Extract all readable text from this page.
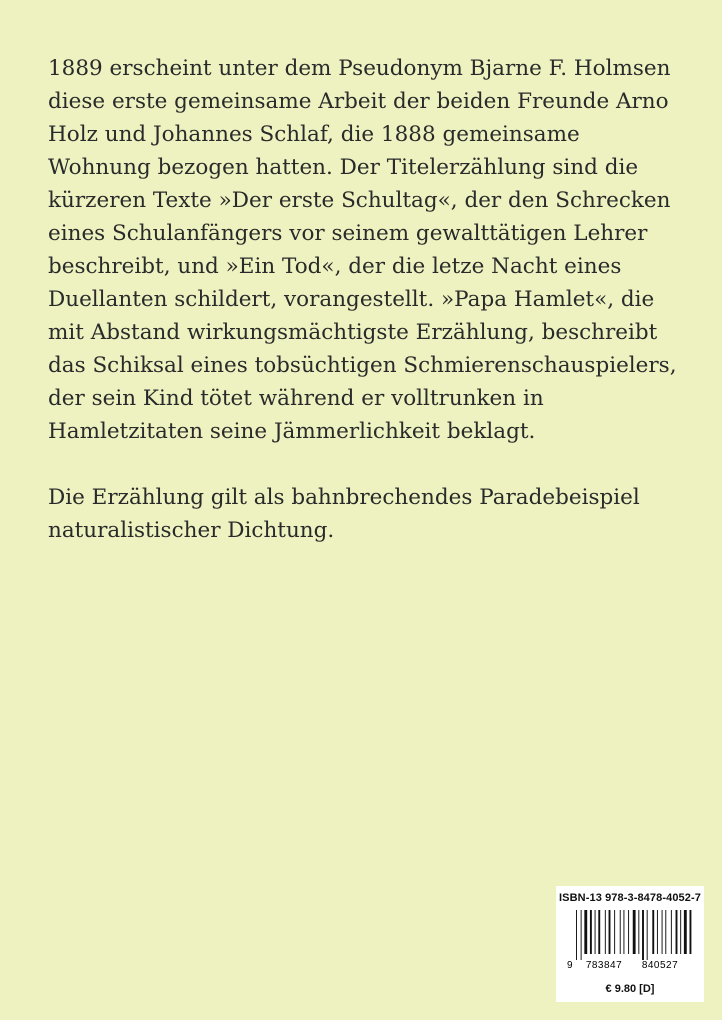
1889 erscheint unter dem Pseudonym Bjarne F. Holmsen diese erste gemeinsame Arbeit der beiden Freunde Arno Holz und Johannes Schlaf, die 1888 gemeinsame Wohnung bezogen hatten. Der Titelerzählung sind die kürzeren Texte »Der erste Schultag«, der den Schrecken eines Schulanfängers vor seinem gewalttätigen Lehrer beschreibt, und »Ein Tod«, der die letze Nacht eines Duellanten schildert, vorangestellt. »Papa Hamlet«, die mit Abstand wirkungsmächtigste Erzählung, beschreibt das Schiksal eines tobsüchtigen Schmierenschauspielers, der sein Kind tötet während er volltrunken in Hamletzitaten seine Jämmerlichkeit beklagt.

Die Erzählung gilt als bahnbrechendes Paradebeispiel naturalistischer Dichtung.

ISBN-13 978-3-8478-4052-7
9 783847 840527
€ 9.80 [D]
